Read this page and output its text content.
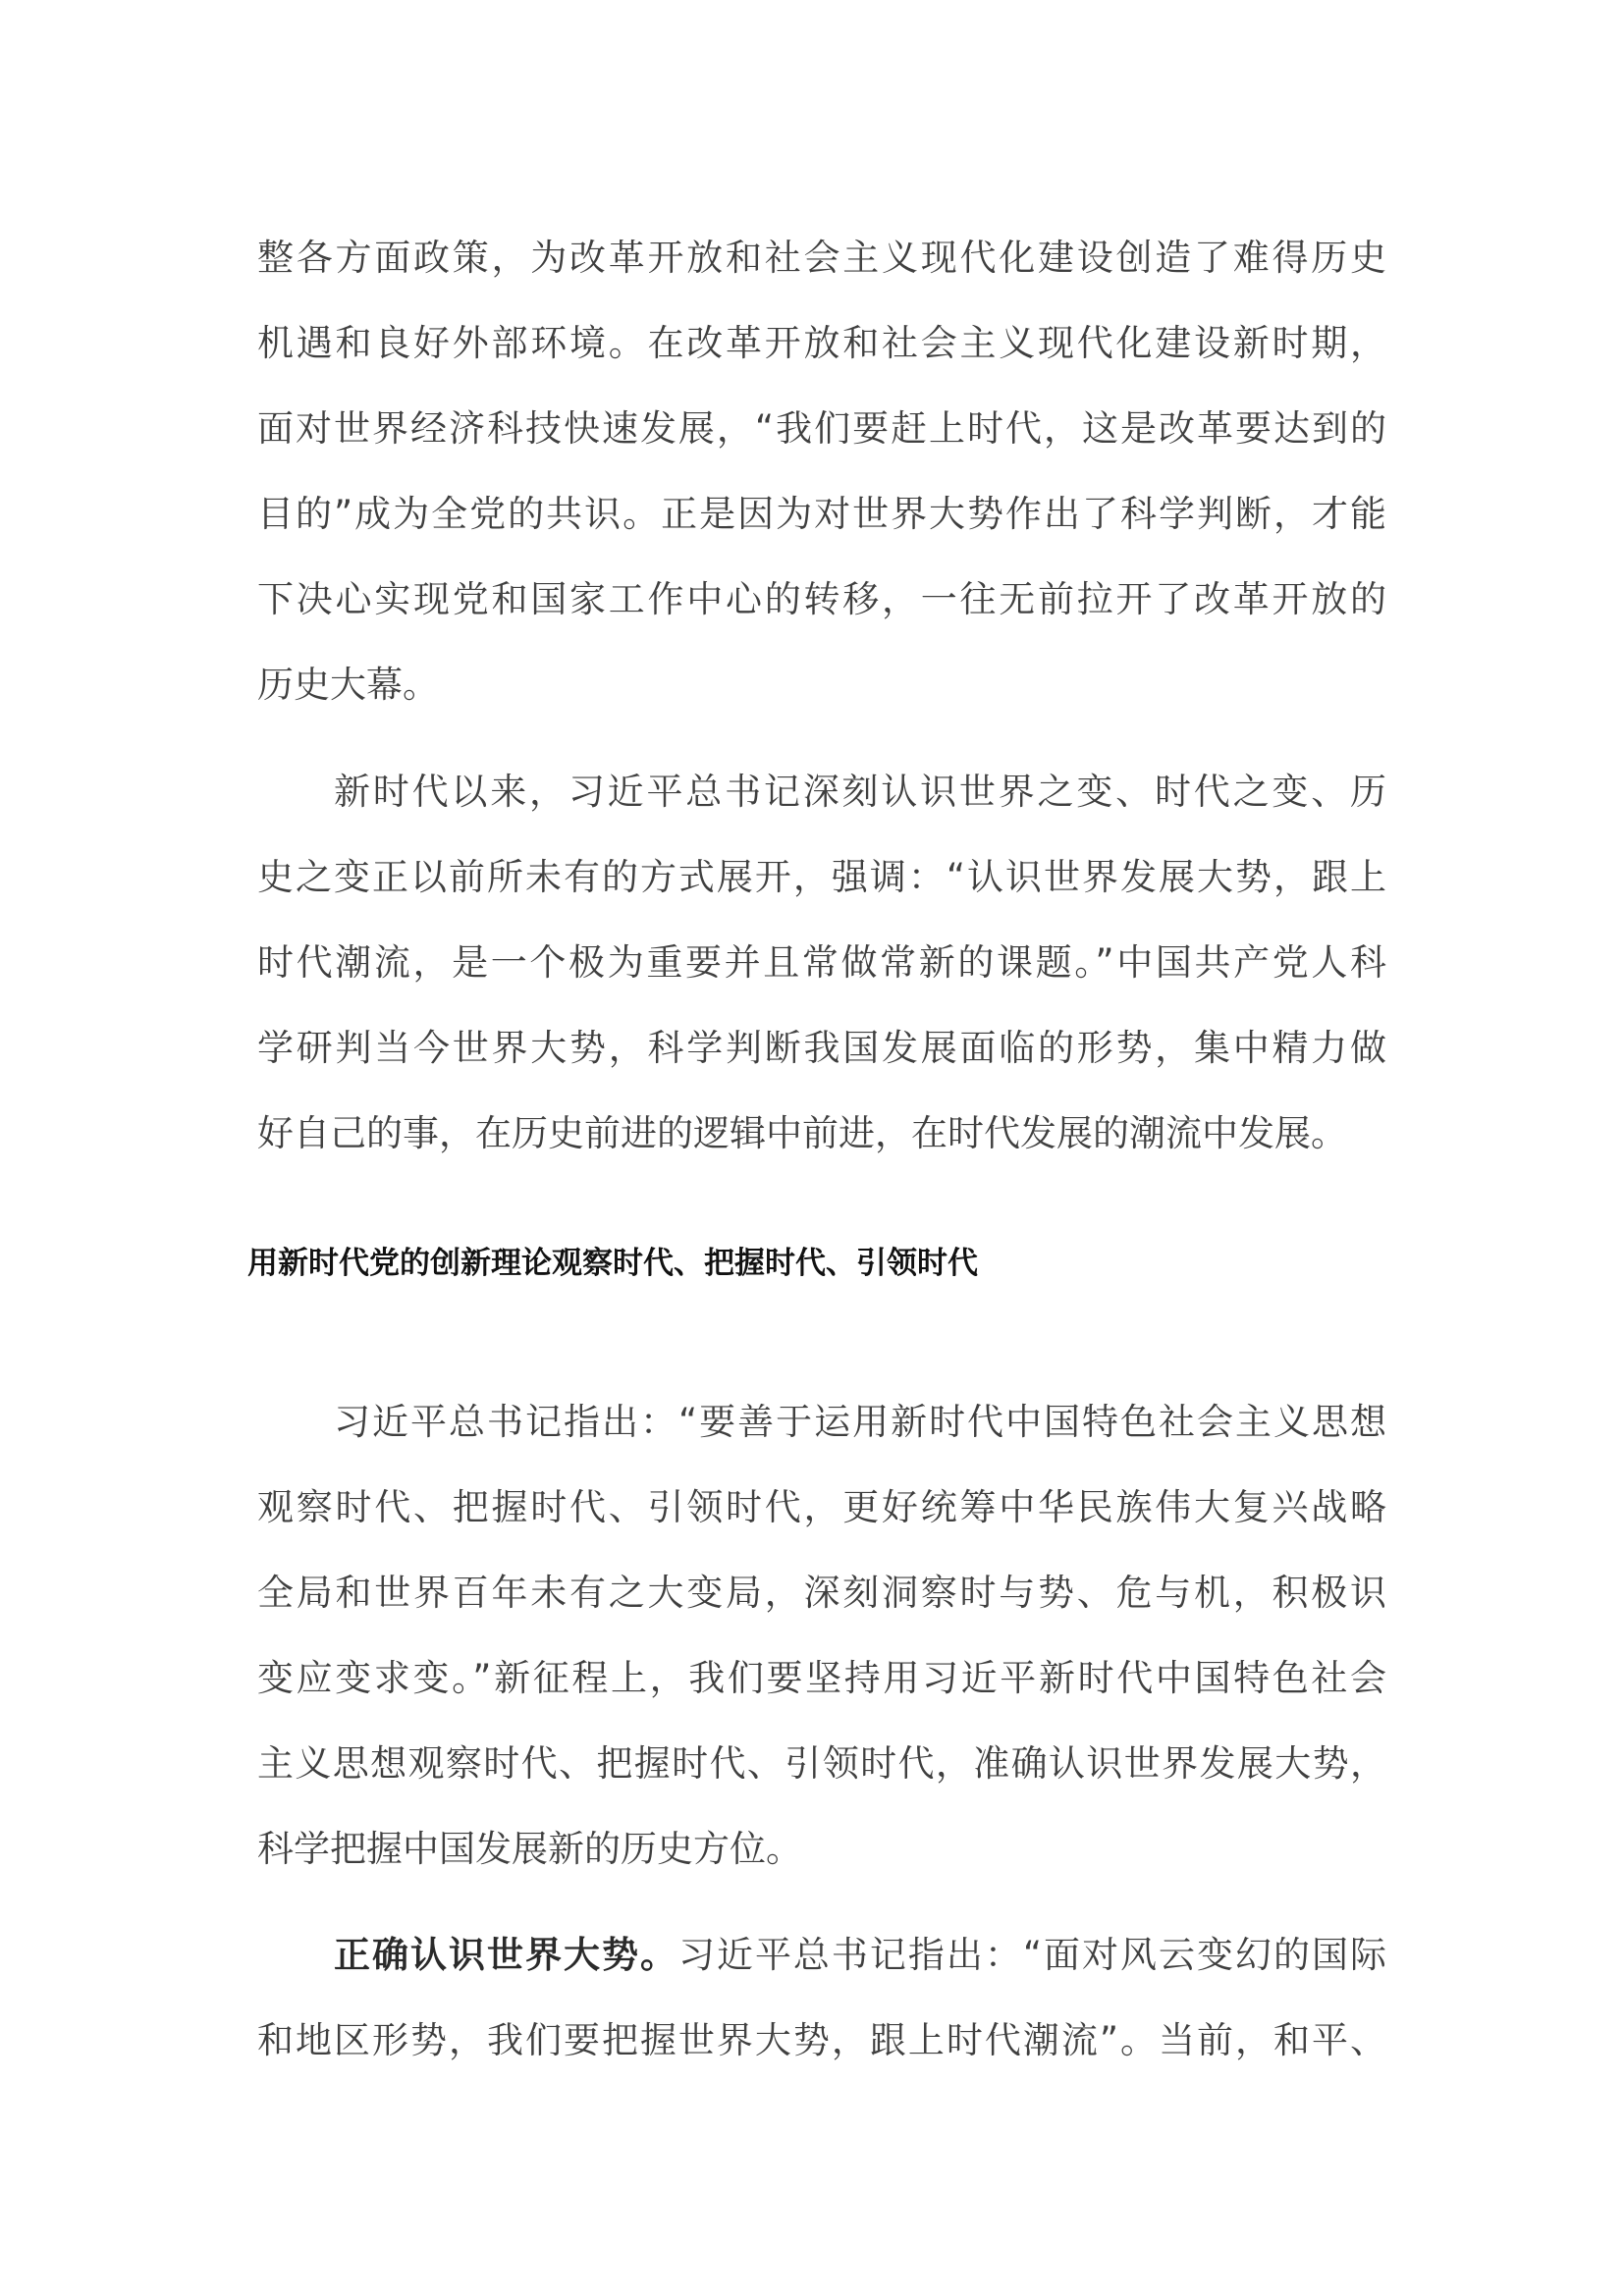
整各方面政策，为改革开放和社会主义现代化建设创造了难得历史
机遇和良好外部环境。在改革开放和社会主义现代化建设新时期，
面对世界经济科技快速发展，“我们要赶上时代，这是改革要达到的
目的”成为全党的共识。正是因为对世界大势作出了科学判断，才能
下决心实现党和国家工作中心的转移，一往无前拉开了改革开放的
历史大幕。
新时代以来，习近平总书记深刻认识世界之变、时代之变、历
史之变正以前所未有的方式展开，强调：“认识世界发展大势，跟上
时代潮流，是一个极为重要并且常做常新的课题。”中国共产党人科
学研判当今世界大势，科学判断我国发展面临的形势，集中精力做
好自己的事，在历史前进的逻辑中前进，在时代发展的潮流中发展。
用新时代党的创新理论观察时代、把握时代、引领时代
习近平总书记指出：“要善于运用新时代中国特色社会主义思想
观察时代、把握时代、引领时代，更好统筹中华民族伟大复兴战略
全局和世界百年未有之大变局，深刻洞察时与势、危与机，积极识
变应变求变。”新征程上，我们要坚持用习近平新时代中国特色社会
主义思想观察时代、把握时代、引领时代，准确认识世界发展大势，
科学把握中国发展新的历史方位。
正确认识世界大势。习近平总书记指出：“面对风云变幻的国际
和地区形势，我们要把握世界大势，跟上时代潮流”。当前，和平、
